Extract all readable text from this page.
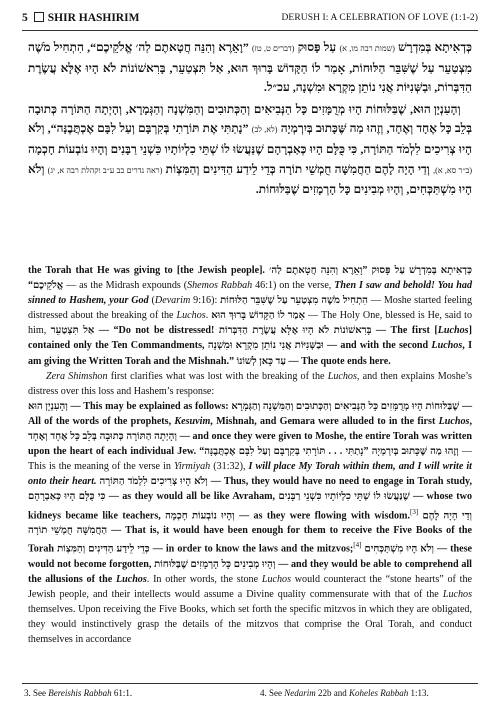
5 SHIR HASHIRIM	DERUSH I: A CELEBRATION OF LOVE (1:1-2)
כְּדְאִיתָא בְּמִדְרָשׁ (שמות רבה מו, א) עַל פָּסוּק (דברים ט, טז) ”וָאֵרֶא וְהִנֵּה חֲטָאתֶם לַה׳ אֱלֹקֵיכֶם“, הִתְחִיל מֹשֶׁה מִצְטַעֵר עַל שֶׁשִּׁבֵּר הַלּוּחוֹת, אָמַר לוֹ הַקָּדוֹשׁ בָּרוּךְ הוּא, אַל תִּצְטַעֵר, בָּרִאשׁוֹנוֹת לֹא הָיוּ אֶלָּא עֲשֶׂרֶת הַדִּבְּרוֹת, וּבַשְּׁנִיּוֹת אֲנִי נוֹתֵן מִקְרָא וּמִשְׁנָה, עכ״ל.
וְהָעִנְיָן הוּא, שֶׁבַּלּוּחוֹת הָיוּ מְרֻמָּזִים כָּל הַנְּבִיאִים וְהַכְּתוּבִים וְהַמִּשְׁנָה וְהַגְּמָרָא, וְהָיְתָה הַתּוֹרָה כְּתוּבָה בְּלֵב כָּל אֶחָד וְאֶחָד, וְזֶהוּ מַה שֶּׁכָּתוּב בְּיִרְמְיָה (לא, לב) ”נָתַתִּי אֶת תּוֹרָתִי בְּקִרְבָּם וְעַל לִבָּם אֶכְתֲּבֶנָּה“, וְלֹא הָיוּ צְרִיכִים לִלְמֹד הַתּוֹרָה, כִּי כֻּלָּם הָיוּ כְּאַבְרָהָם שֶׁנַּעֲשׂוּ לוֹ שְׁתֵּי כִלְיוֹתָיו כִּשְׁנֵי רַבָּנִים וְהָיוּ נוֹבְעוֹת חָכְמָה (ב״ר סא, א), וְדַי הָיָה לָהֶם הַחֲמִשָּׁה חֻמְשֵׁי תוֹרָה כְּדֵי לֵידַע הַדִּינִים וְהַמִּצְוֹת (ראה נדרים כב ע״ב וקהלת רבה א, יג) וְלֹא הָיוּ מִשְׁתַּכְּחִים, וְהָיוּ מְבִינִים כָּל הָרְמָזִים שֶׁבַּלּוּחוֹת.

the Torah that He was giving to [the Jewish people]. כְּדְאִיתָא בְּמִדְרָשׁ עַל פָּסוּק ”וָאֵרֶא וְהִנֵּה חֲטָאתֶם לַה׳ אֱלֹקֵיכֶם“ — as the Midrash expounds (Shemos Rabbah 46:1) on the verse, Then I saw and behold! You had sinned to Hashem, your God (Devarim 9:16): הִתְחִיל מֹשֶׁה מִצְטַעֵר עַל שֶׁשִּׁבֵּר הַלּוּחוֹת — Moshe started feeling distressed about the breaking of the Luchos. אָמַר לוֹ הַקָּדוֹשׁ בָּרוּךְ הוּא — The Holy One, blessed is He, said to him, אַל תִּצְטַעֵר — “Do not be distressed! בָּרִאשׁוֹנוֹת לֹא הָיוּ אֶלָּא עֲשֶׂרֶת הַדִּבְּרוֹת — The first [Luchos] contained only the Ten Commandments, וּבַשְּׁנִיּוֹת אֲנִי נוֹתֵן מִקְרָא וּמִשְׁנָה — and with the second Luchos, I am giving the Written Torah and the Mishnah.” עַד כָּאן לְשׁוֹנוֹ — The quote ends here.

Zera Shimshon first clarifies what was lost with the breaking of the Luchos, and then explains Moshe’s distress over this loss and Hashem’s response:

וְהָעִנְיָן הוּא — This may be explained as follows: שֶׁבַּלּוּחוֹת הָיוּ מְרֻמָּזִים כָּל הַנְּבִיאִים וְהַכְּתוּבִים וְהַמִּשְׁנָה וְהַגְּמָרָא — All of the words of the prophets, Kesuvim, Mishnah, and Gemara were alluded to in the first Luchos, וְהָיְתָה הַתּוֹרָה כְּתוּבָה בְּלֵב כָּל אֶחָד וְאֶחָד — and once they were given to Moshe, the entire Torah was written upon the heart of each individual Jew. וְזֶהוּ מַה שֶּׁכָּתוּב בְּיִרְמְיָה ”נָתַתִּי . . . תּוֹרָתִי בְּקִרְבָּם וְעַל לִבָּם אֶכְתֲּבֶנָּה“ — This is the meaning of the verse in Yirmiyah (31:32), I will place My Torah within them, and I will write it onto their heart. וְלֹא הָיוּ צְרִיכִים לִלְמֹד הַתּוֹרָה — Thus, they would have no need to engage in Torah study, כִּי כֻּלָּם הָיוּ כְּאַבְרָהָם — as they would all be like Avraham, שֶׁנַּעֲשׂוּ לוֹ שְׁתֵּי כִלְיוֹתָיו כִּשְׁנֵי רַבָּנִים — whose two kidneys became like teachers, וְהָיוּ נוֹבְעוֹת חָכְמָה — as they were flowing with wisdom.[3] וְדַי הָיָה לָהֶם הַחֲמִשָּׁה חֻמְשֵׁי תוֹרָה — That is, it would have been enough for them to receive the Five Books of the Torah כְּדֵי לֵידַע הַדִּינִים וְהַמִּצְוֹת — in order to know the laws and the mitzvos;[4] וְלֹא הָיוּ מִשְׁתַּכְּחִים — these would not become forgotten, וְהָיוּ מְבִינִים כָּל הָרְמָזִים שֶׁבַּלּוּחוֹת — and they would be able to comprehend all the allusions of the Luchos. In other words, the stone Luchos would counteract the “stone hearts” of the Jewish people, and their intellects would assume a Divine quality commensurate with that of the Luchos themselves. Upon receiving the Five Books, which set forth the specific mitzvos in which they are obligated, they would instinctively grasp the details of the mitzvos that comprise the Oral Torah, and conduct themselves in accordance

3. See Bereishis Rabbah 61:1.	4. See Nedarim 22b and Koheles Rabbah 1:13.
